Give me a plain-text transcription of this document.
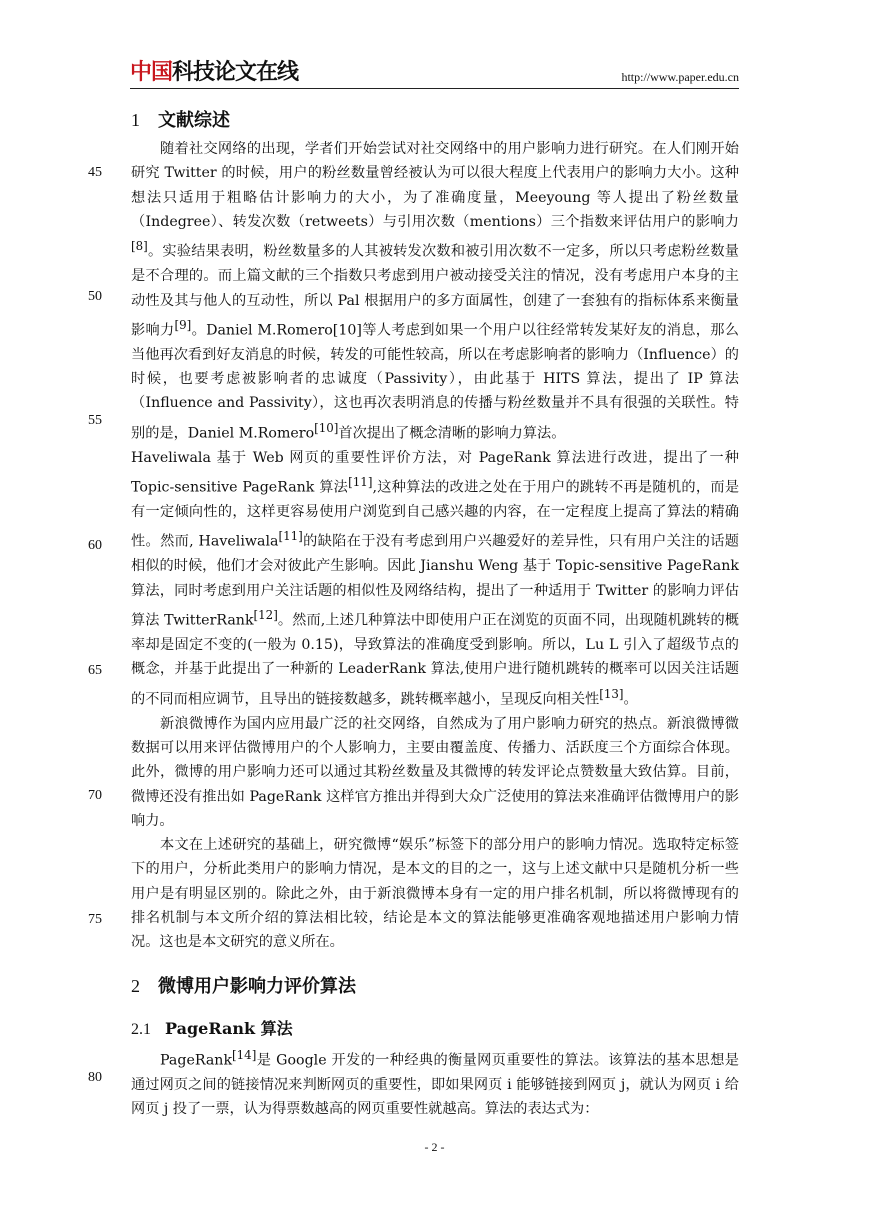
中国科技论文在线	http://www.paper.edu.cn
1 文献综述

随着社交网络的出现，学者们开始尝试对社交网络中的用户影响力进行研究。在人们刚开始研究 Twitter 的时候，用户的粉丝数量曾经被认为可以很大程度上代表用户的影响力大小。这种想法只适用于粗略估计影响力的大小，为了准确度量，Meeyoung 等人提出了粉丝数量（Indegree）、转发次数（retweets）与引用次数（mentions）三个指数来评估用户的影响力[8]。实验结果表明，粉丝数量多的人其被转发次数和被引用次数不一定多，所以只考虑粉丝数量是不合理的。而上篇文献的三个指数只考虑到用户被动接受关注的情况，没有考虑用户本身的主动性及其与他人的互动性，所以 Pal 根据用户的多方面属性，创建了一套独有的指标体系来衡量影响力[9]。Daniel M.Romero[10]等人考虑到如果一个用户以往经常转发某好友的消息，那么当他再次看到好友消息的时候，转发的可能性较高，所以在考虑影响者的影响力（Influence）的时候，也要考虑被影响者的忠诚度（Passivity），由此基于 HITS 算法，提出了 IP 算法（Influence and Passivity），这也再次表明消息的传播与粉丝数量并不具有很强的关联性。特别的是，Daniel M.Romero[10]首次提出了概念清晰的影响力算法。

Haveliwala 基于 Web 网页的重要性评价方法，对 PageRank 算法进行改进，提出了一种Topic-sensitive PageRank 算法[11],这种算法的改进之处在于用户的跳转不再是随机的，而是有一定倾向性的，这样更容易使用户浏览到自己感兴趣的内容，在一定程度上提高了算法的精确性。然而, Haveliwala[11]的缺陷在于没有考虑到用户兴趣爱好的差异性，只有用户关注的话题相似的时候，他们才会对彼此产生影响。因此 Jianshu Weng 基于 Topic-sensitive PageRank 算法，同时考虑到用户关注话题的相似性及网络结构，提出了一种适用于 Twitter 的影响力评估算法 TwitterRank[12]。然而,上述几种算法中即使用户正在浏览的页面不同，出现随机跳转的概率却是固定不变的(一般为 0.15)，导致算法的准确度受到影响。所以，Lu L 引入了超级节点的概念，并基于此提出了一种新的 LeaderRank 算法,使用户进行随机跳转的概率可以因关注话题的不同而相应调节，且导出的链接数越多，跳转概率越小，呈现反向相关性[13]。

新浪微博作为国内应用最广泛的社交网络，自然成为了用户影响力研究的热点。新浪微博微数据可以用来评估微博用户的个人影响力，主要由覆盖度、传播力、活跃度三个方面综合体现。此外，微博的用户影响力还可以通过其粉丝数量及其微博的转发评论点赞数量大致估算。目前，微博还没有推出如 PageRank 这样官方推出并得到大众广泛使用的算法来准确评估微博用户的影响力。

本文在上述研究的基础上，研究微博“娱乐”标签下的部分用户的影响力情况。选取特定标签下的用户，分析此类用户的影响力情况，是本文的目的之一，这与上述文献中只是随机分析一些用户是有明显区别的。除此之外，由于新浪微博本身有一定的用户排名机制，所以将微博现有的排名机制与本文所介绍的算法相比较，结论是本文的算法能够更准确客观地描述用户影响力情况。这也是本文研究的意义所在。

2 微博用户影响力评价算法
2.1 PageRank 算法

PageRank[14]是 Google 开发的一种经典的衡量网页重要性的算法。该算法的基本思想是通过网页之间的链接情况来判断网页的重要性，即如果网页 i 能够链接到网页 j，就认为网页 i 给网页 j 投了一票，认为得票数越高的网页重要性就越高。算法的表达式为：

45
50
55
60
65
70
75
80
- 2 -
